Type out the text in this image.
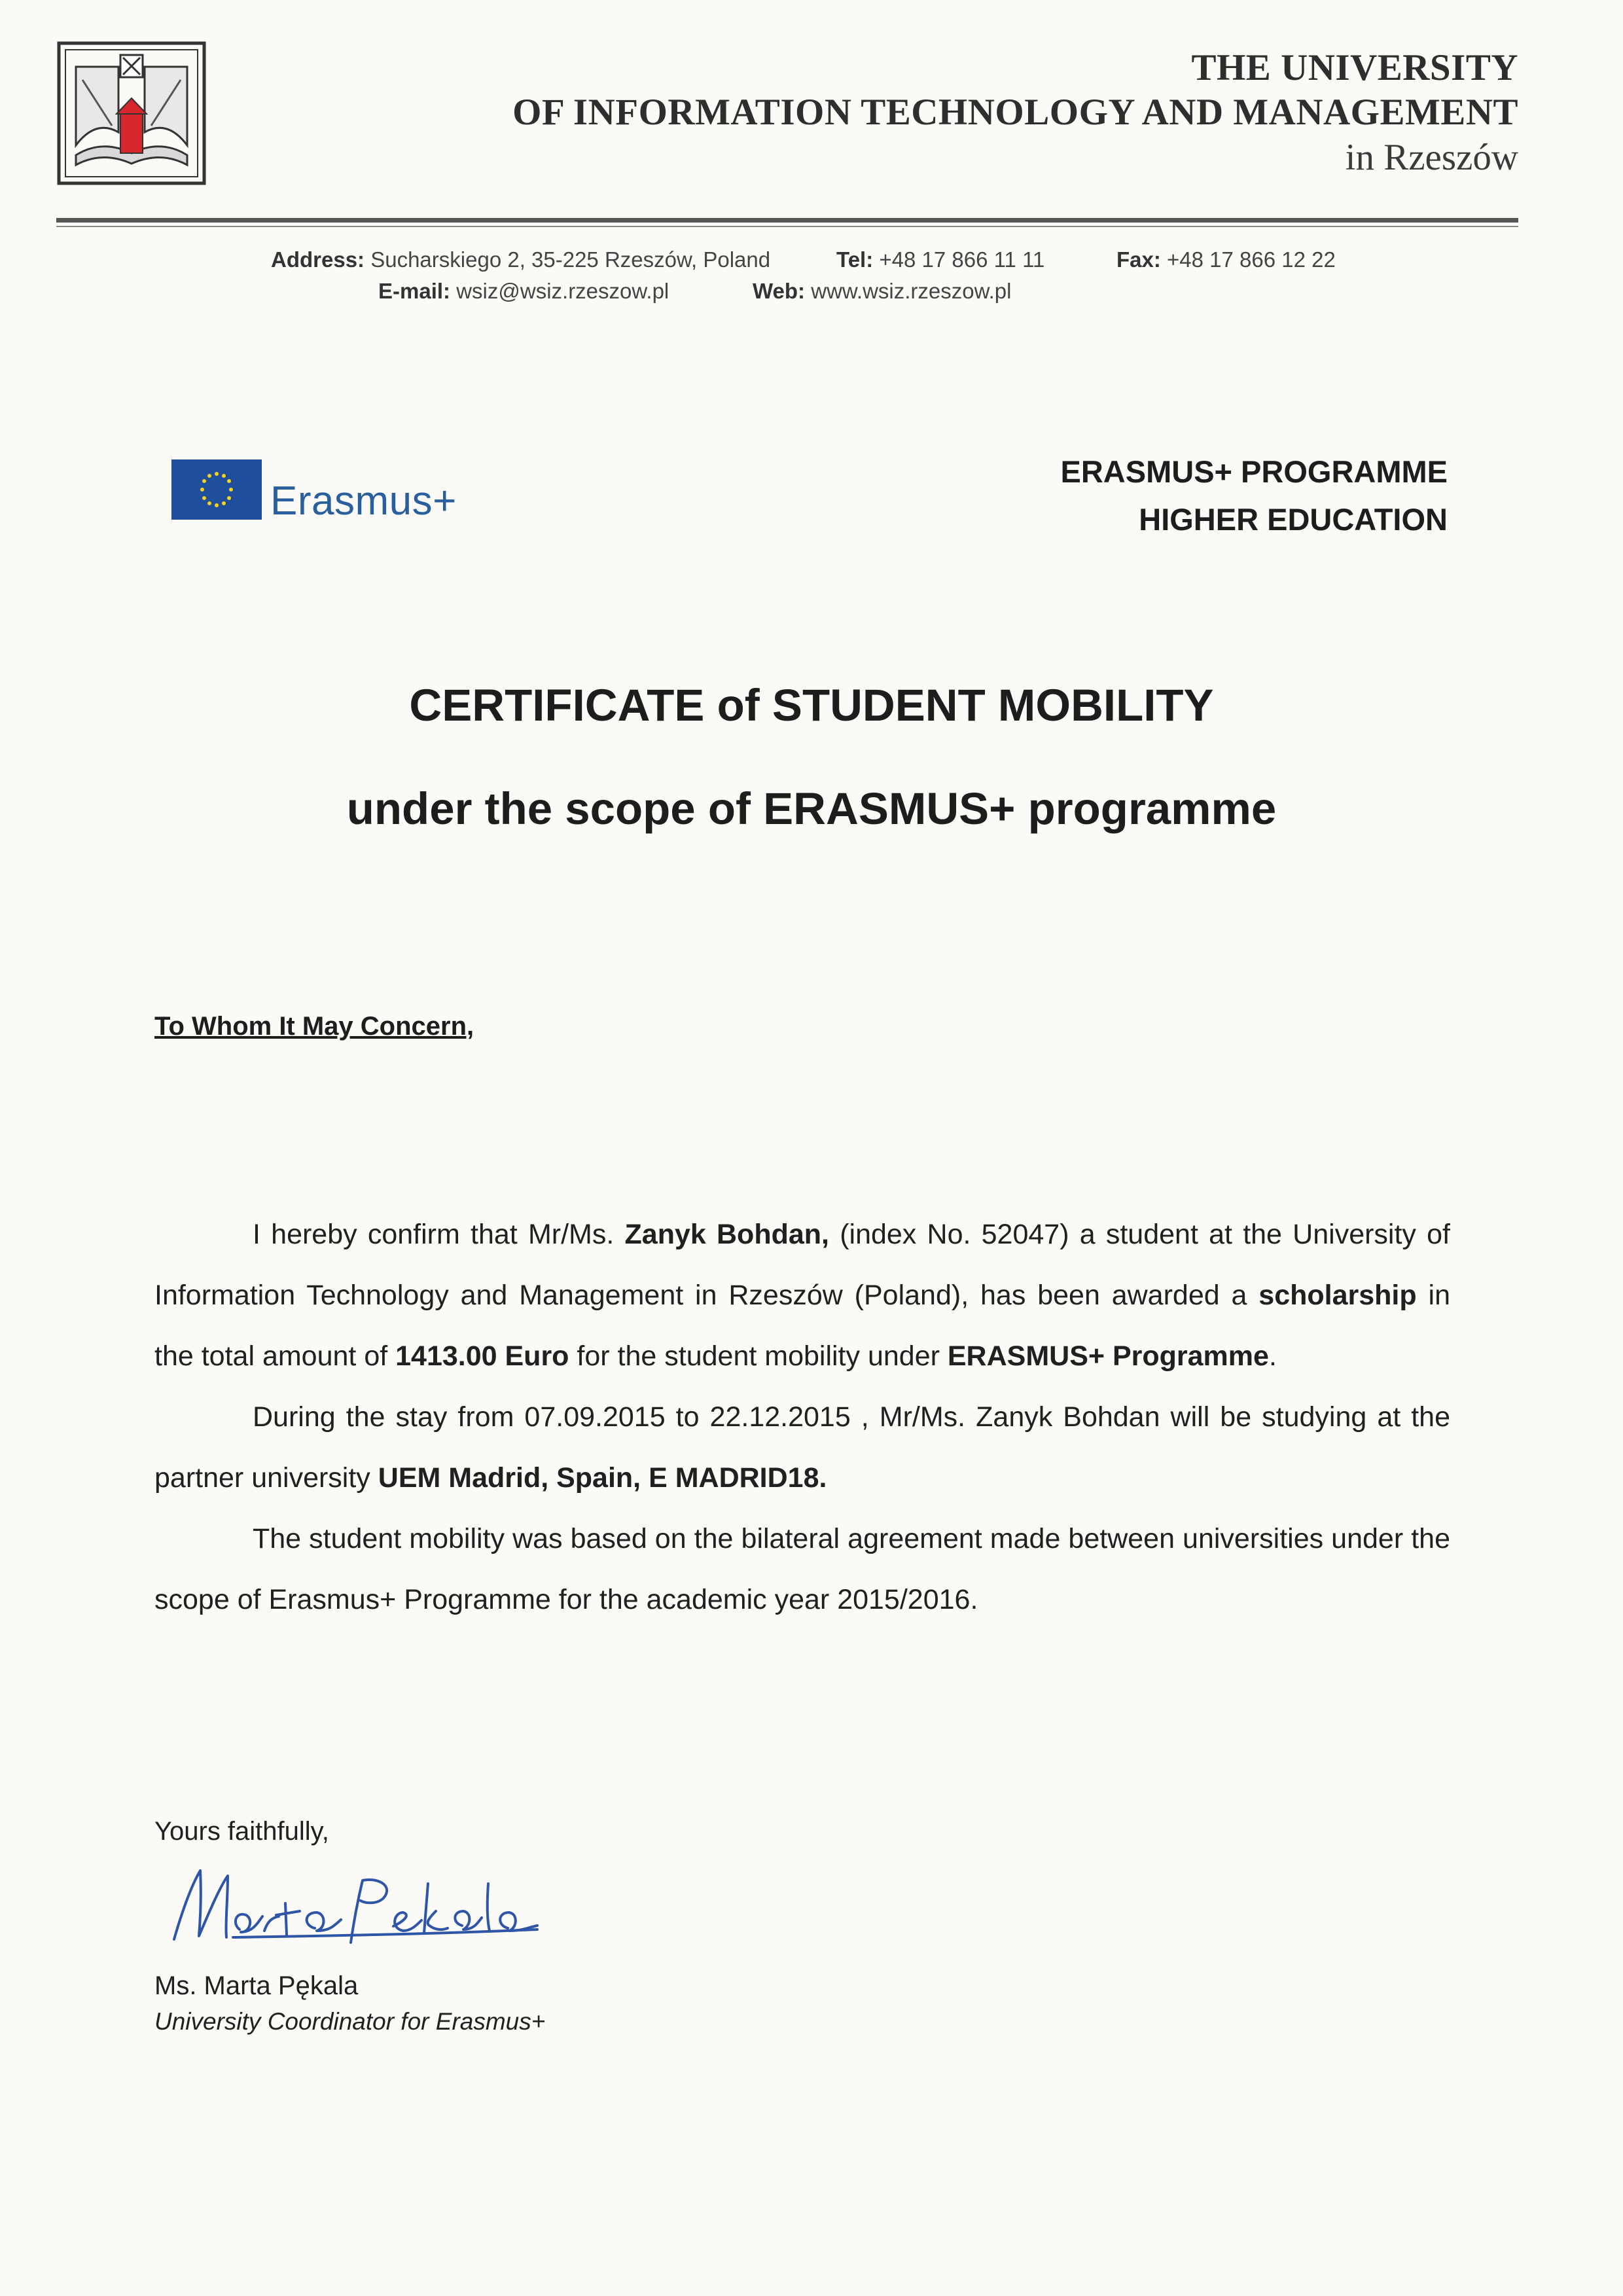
THE UNIVERSITY
OF INFORMATION TECHNOLOGY AND MANAGEMENT
in Rzeszów
Address: Sucharskiego 2, 35-225 Rzeszów, Poland	Tel: +48 17 866 11 11	Fax: +48 17 866 12 22
E-mail: wsiz@wsiz.rzeszow.pl	Web: www.wsiz.rzeszow.pl
Erasmus+
ERASMUS+ PROGRAMME
HIGHER EDUCATION
CERTIFICATE of STUDENT MOBILITY
under the scope of ERASMUS+ programme
To Whom It May Concern,

I hereby confirm that Mr/Ms. Zanyk Bohdan, (index No. 52047) a student at the University of Information Technology and Management in Rzeszów (Poland), has been awarded a scholarship in the total amount of 1413.00 Euro for the student mobility under ERASMUS+ Programme.

During the stay from 07.09.2015 to 22.12.2015 , Mr/Ms. Zanyk Bohdan will be studying at the partner university UEM Madrid, Spain, E MADRID18.

The student mobility was based on the bilateral agreement made between universities under the scope of Erasmus+ Programme for the academic year 2015/2016.

Yours faithfully,
Ms. Marta Pękala
University Coordinator for Erasmus+
